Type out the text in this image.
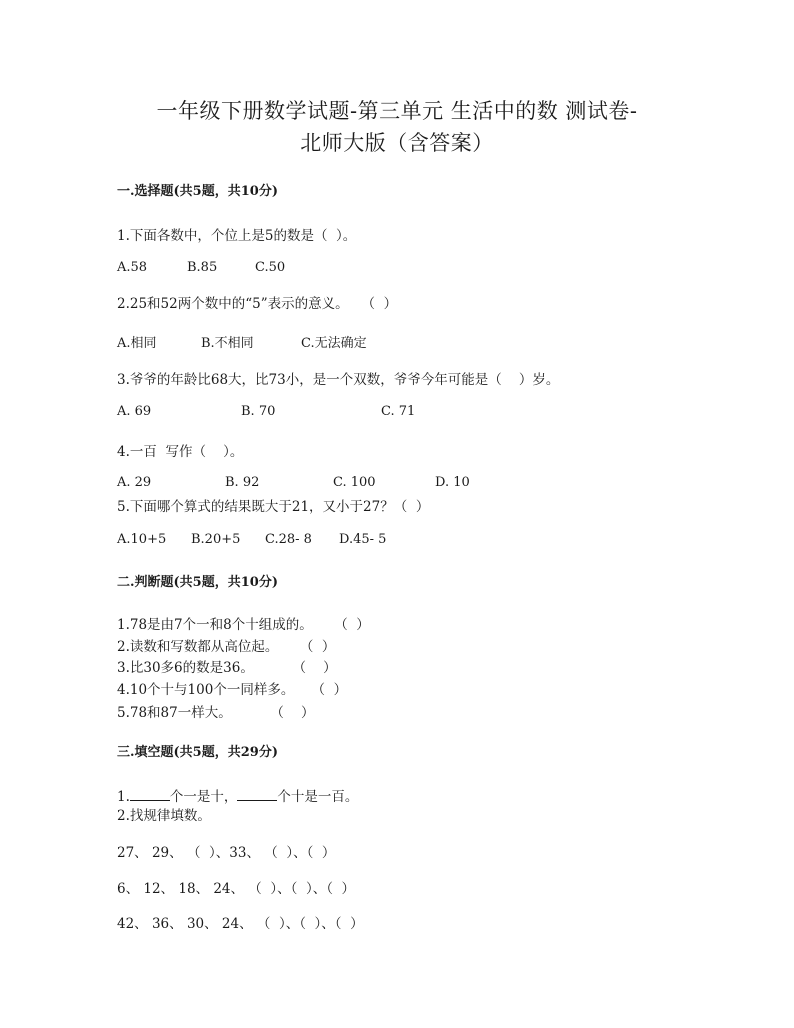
一年级下册数学试题-第三单元 生活中的数 测试卷-
北师大版（含答案）
一.选择题(共5题，共10分)
1.下面各数中，个位上是5的数是（  ）。
A.58	B.85	C.50
2.25和52两个数中的“5”表示的意义。   （  ）
A.相同	B.不相同	C.无法确定
3.爷爷的年龄比68大，比73小，是一个双数，爷爷今年可能是（    ）岁。
A. 69	B. 70	C. 71
4.一百  写作（    ）。
A. 29	B. 92	C. 100	D. 10
5.下面哪个算式的结果既大于21，又小于27？（  ）
A.10+5 B.20+5 C.28- 8 D.45- 5
二.判断题(共5题，共10分)
1.78是由7个一和8个十组成的。     （  ）
2.读数和写数都从高位起。     （  ）
3.比30多6的数是36。         （    ）
4.10个十与100个一同样多。    （  ）
5.78和87一样大。         （    ）
三.填空题(共5题，共29分)
1.	个一是十，	个十是一百。
2.找规律填数。
27、 29、 （  ）、33、 （  ）、（  ）
6、 12、 18、 24、 （  ）、（  ）、（  ）
42、 36、 30、 24、 （  ）、（  ）、（  ）
